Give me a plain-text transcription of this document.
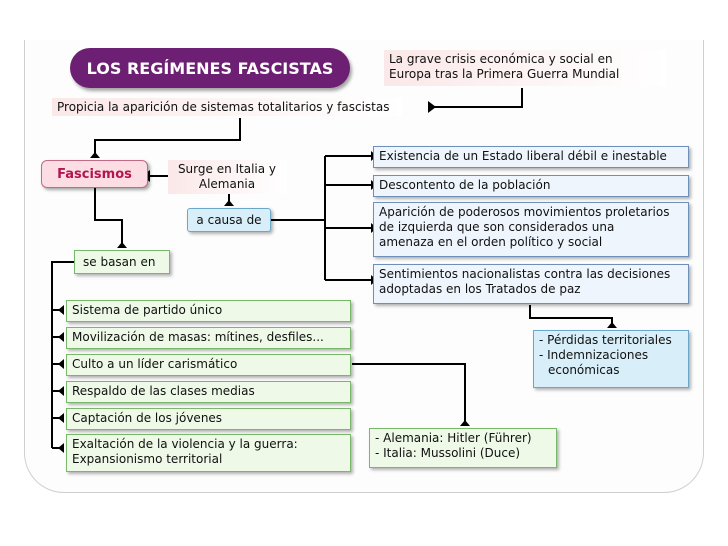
LOS REGÍMENES FASCISTAS	La grave crisis económica y social en
Europa tras la Primera Guerra Mundial
Propicia la aparición de sistemas totalitarios y fascistas
Fascismos	Surge en Italia y
Alemania
a causa de
Existencia de un Estado liberal débil e inestable
Descontento de la población
Aparición de poderosos movimientos proletarios
de izquierda que son considerados una
amenaza en el orden político y social
Sentimientos nacionalistas contra las decisiones
adoptadas en los Tratados de paz
- Pérdidas territoriales
- Indemnizaciones
económicas
se basan en
Sistema de partido único
Movilización de masas: mítines, desfiles...
Culto a un líder carismático
Respaldo de las clases medias
Captación de los jóvenes
Exaltación de la violencia y la guerra:
Expansionismo territorial
- Alemania: Hitler (Führer)
- Italia: Mussolini (Duce)
